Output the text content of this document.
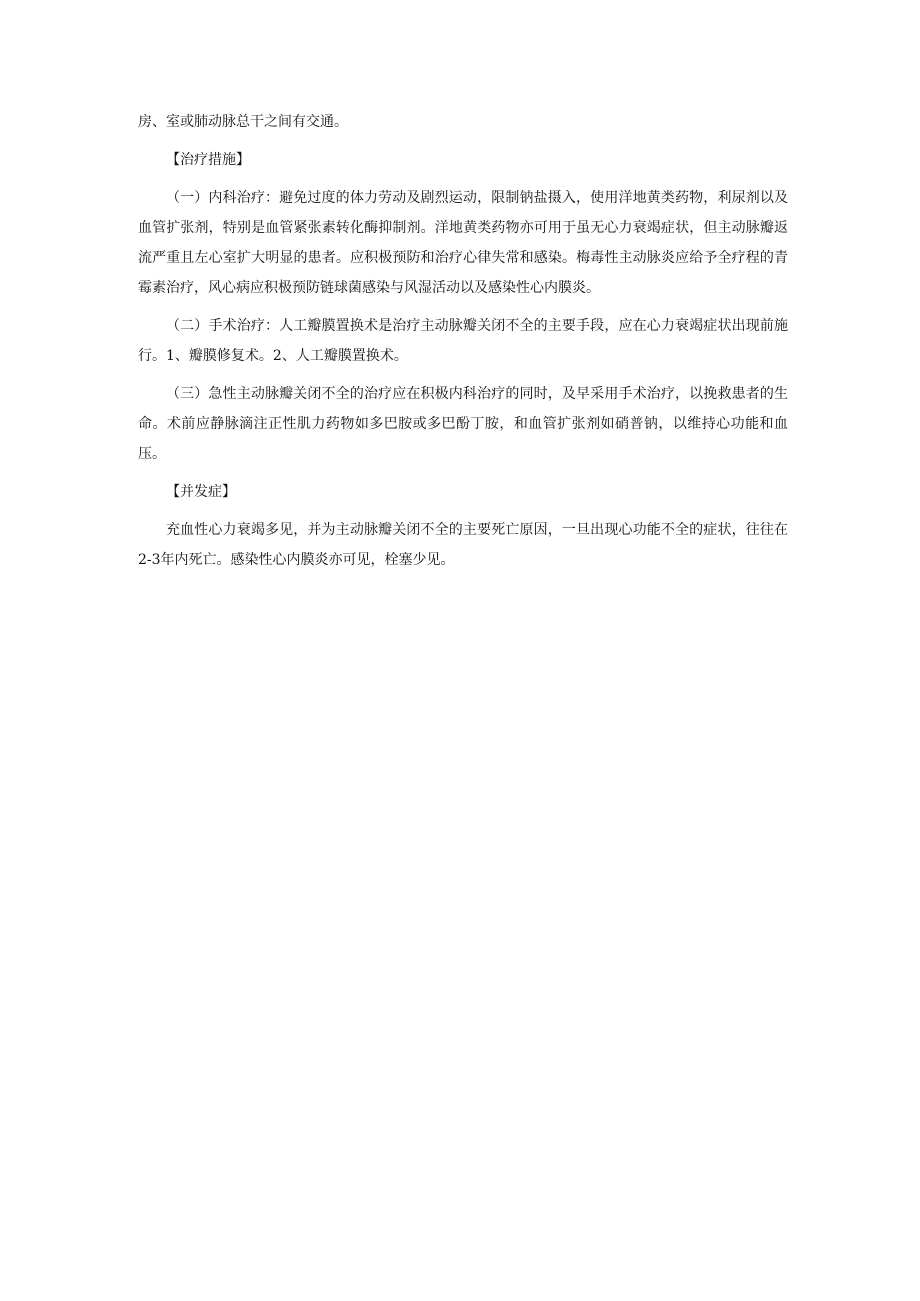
房、室或肺动脉总干之间有交通。

【治疗措施】

（一）内科治疗：避免过度的体力劳动及剧烈运动，限制钠盐摄入，使用洋地黄类药物，利尿剂以及血管扩张剂，特别是血管紧张素转化酶抑制剂。洋地黄类药物亦可用于虽无心力衰竭症状，但主动脉瓣返流严重且左心室扩大明显的患者。应积极预防和治疗心律失常和感染。梅毒性主动脉炎应给予全疗程的青霉素治疗，风心病应积极预防链球菌感染与风湿活动以及感染性心内膜炎。

（二）手术治疗：人工瓣膜置换术是治疗主动脉瓣关闭不全的主要手段，应在心力衰竭症状出现前施行。1、瓣膜修复术。2、人工瓣膜置换术。

（三）急性主动脉瓣关闭不全的治疗应在积极内科治疗的同时，及早采用手术治疗，以挽救患者的生命。术前应静脉滴注正性肌力药物如多巴胺或多巴酚丁胺，和血管扩张剂如硝普钠，以维持心功能和血压。

【并发症】

充血性心力衰竭多见，并为主动脉瓣关闭不全的主要死亡原因，一旦出现心功能不全的症状，往往在2-3年内死亡。感染性心内膜炎亦可见，栓塞少见。
